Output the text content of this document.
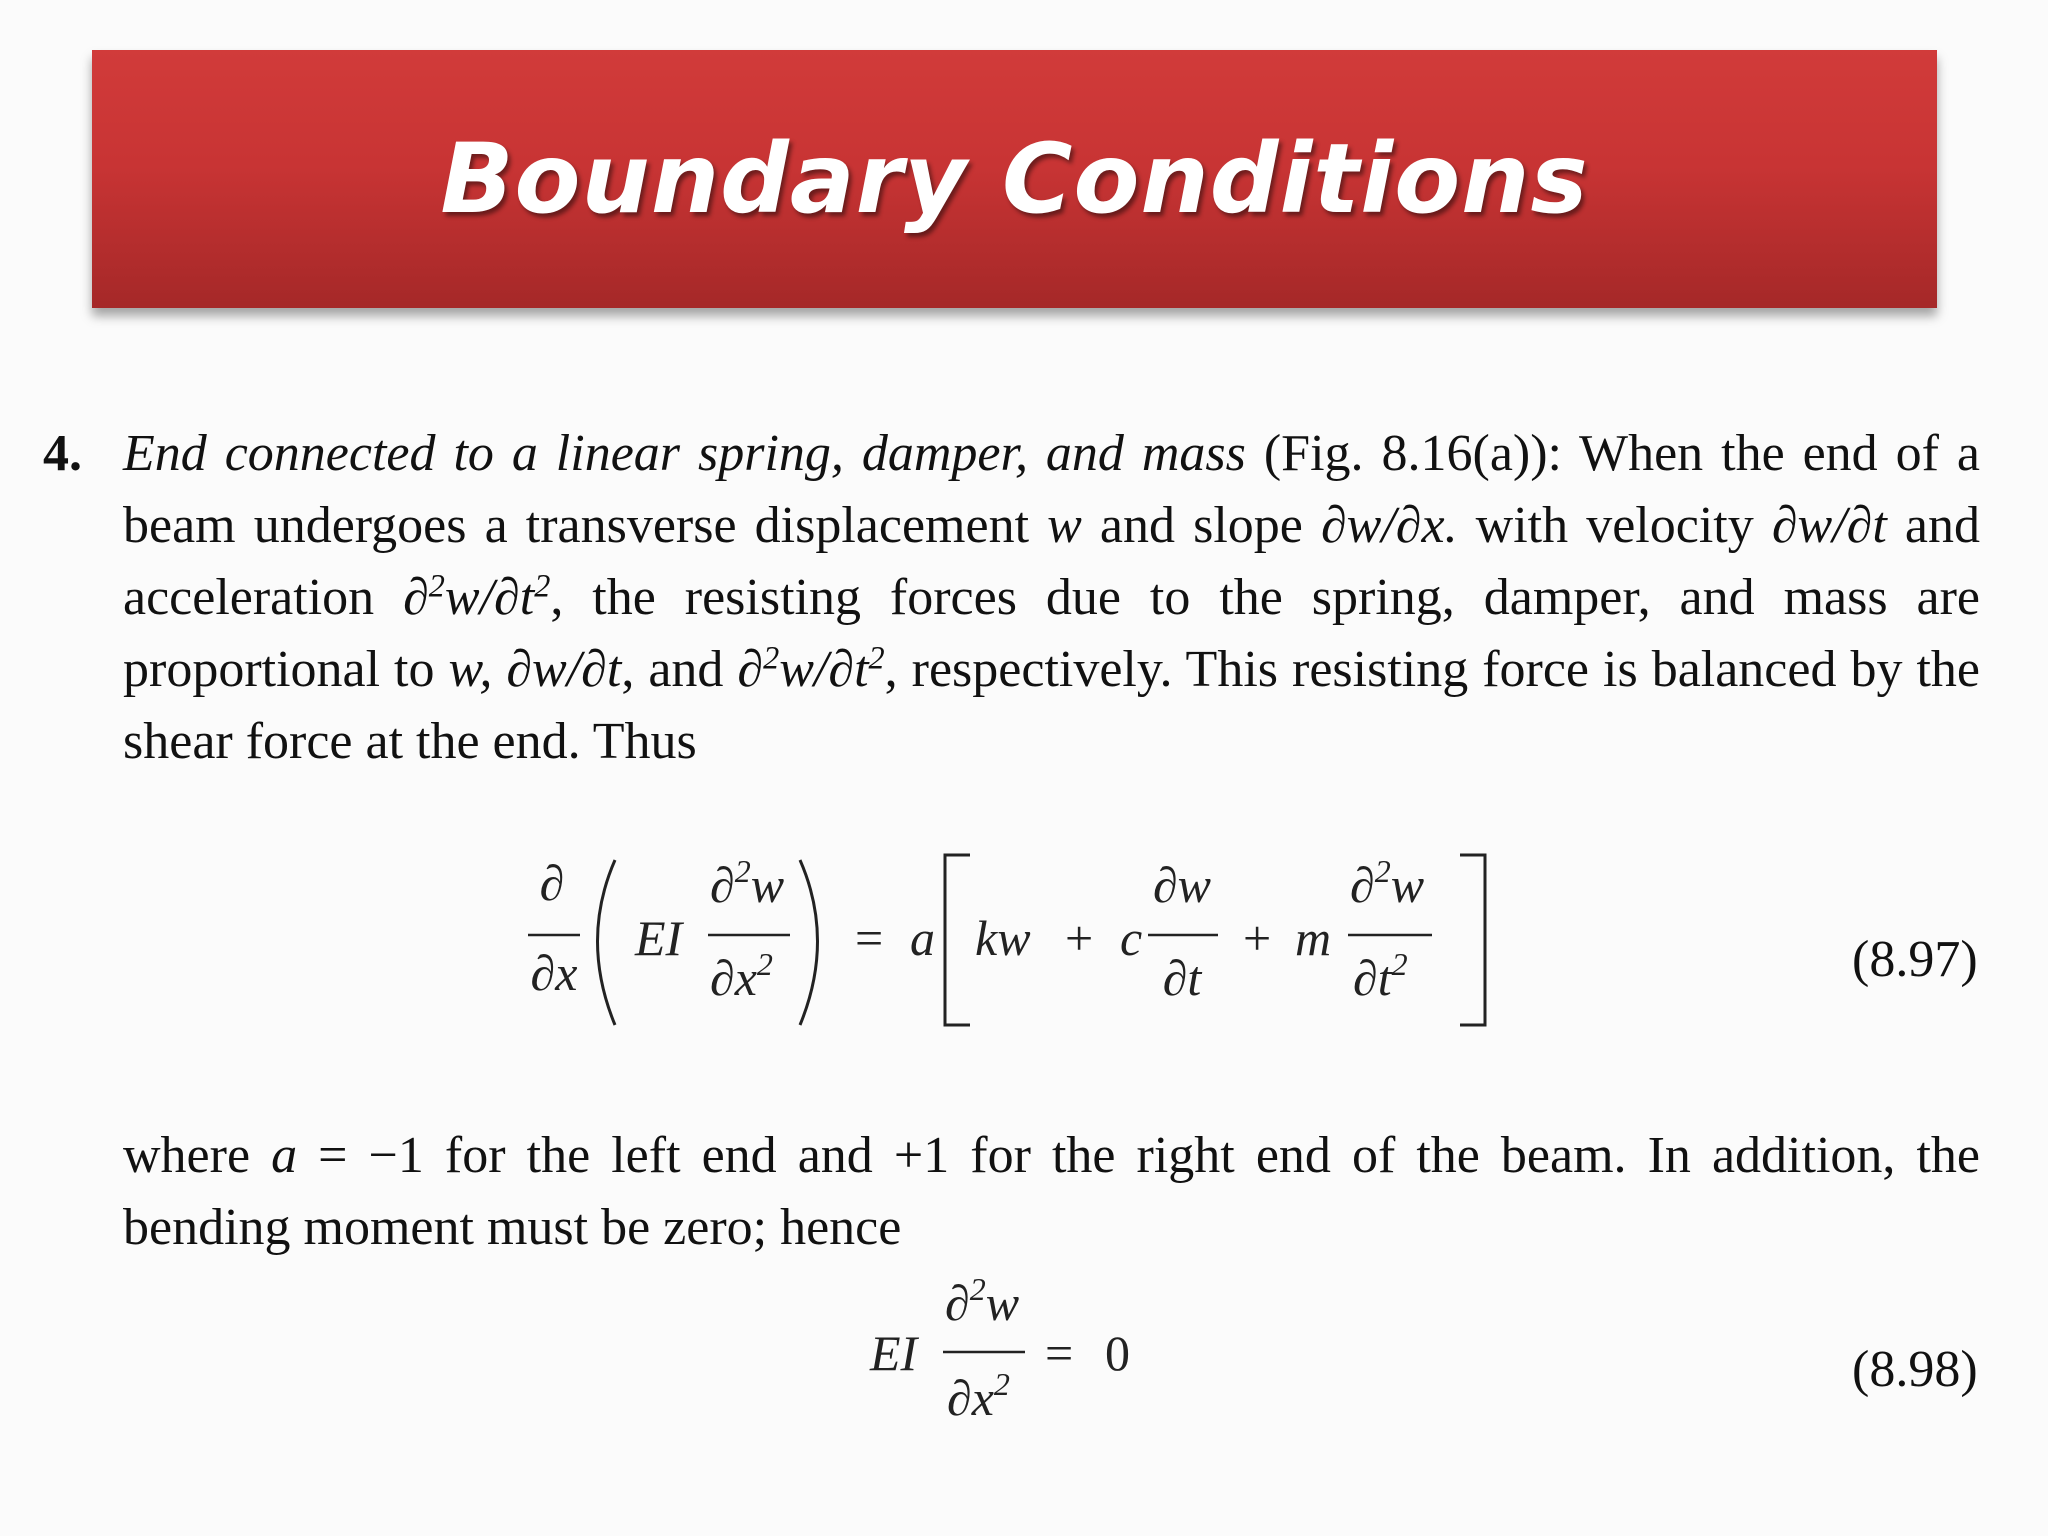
Boundary Conditions
4. End connected to a linear spring, damper, and mass (Fig. 8.16(a)): When the end of a beam undergoes a transverse displacement w and slope ∂w/∂x. with velocity ∂w/∂t and acceleration $\partial^2w/\partial t^2$, the resisting forces due to the spring, damper, and mass are proportional to w, ∂w/∂t, and $\partial^2w/\partial t^2$, respectively. This resisting force is balanced by the shear force at the end. Thus
∂
∂x
EI
∂$^2$w
$\partial x^2 = a$ kw + c
∂w
∂t
+ m
∂$^2$w
$\partial t^2$	(8.97)
where a = −1 for the left end and +1 for the right end of the beam. In addition, the bending moment must be zero; hence
EI
∂$^2$w
$\partial x^2$
= 0	(8.98)
